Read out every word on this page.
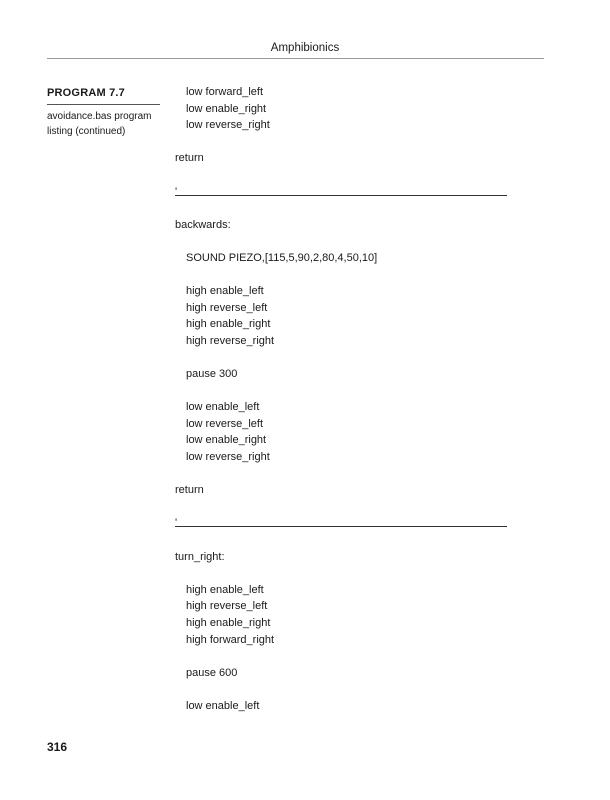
Amphibionics
PROGRAM 7.7
avoidance.bas program
listing (continued)
low forward_left
low enable_right
low reverse_right
return
'
backwards:
SOUND PIEZO,[115,5,90,2,80,4,50,10]
high enable_left
high reverse_left
high enable_right
high reverse_right
pause 300
low enable_left
low reverse_left
low enable_right
low reverse_right
return
'
turn_right:
high enable_left
high reverse_left
high enable_right
high forward_right
pause 600
low enable_left
316
